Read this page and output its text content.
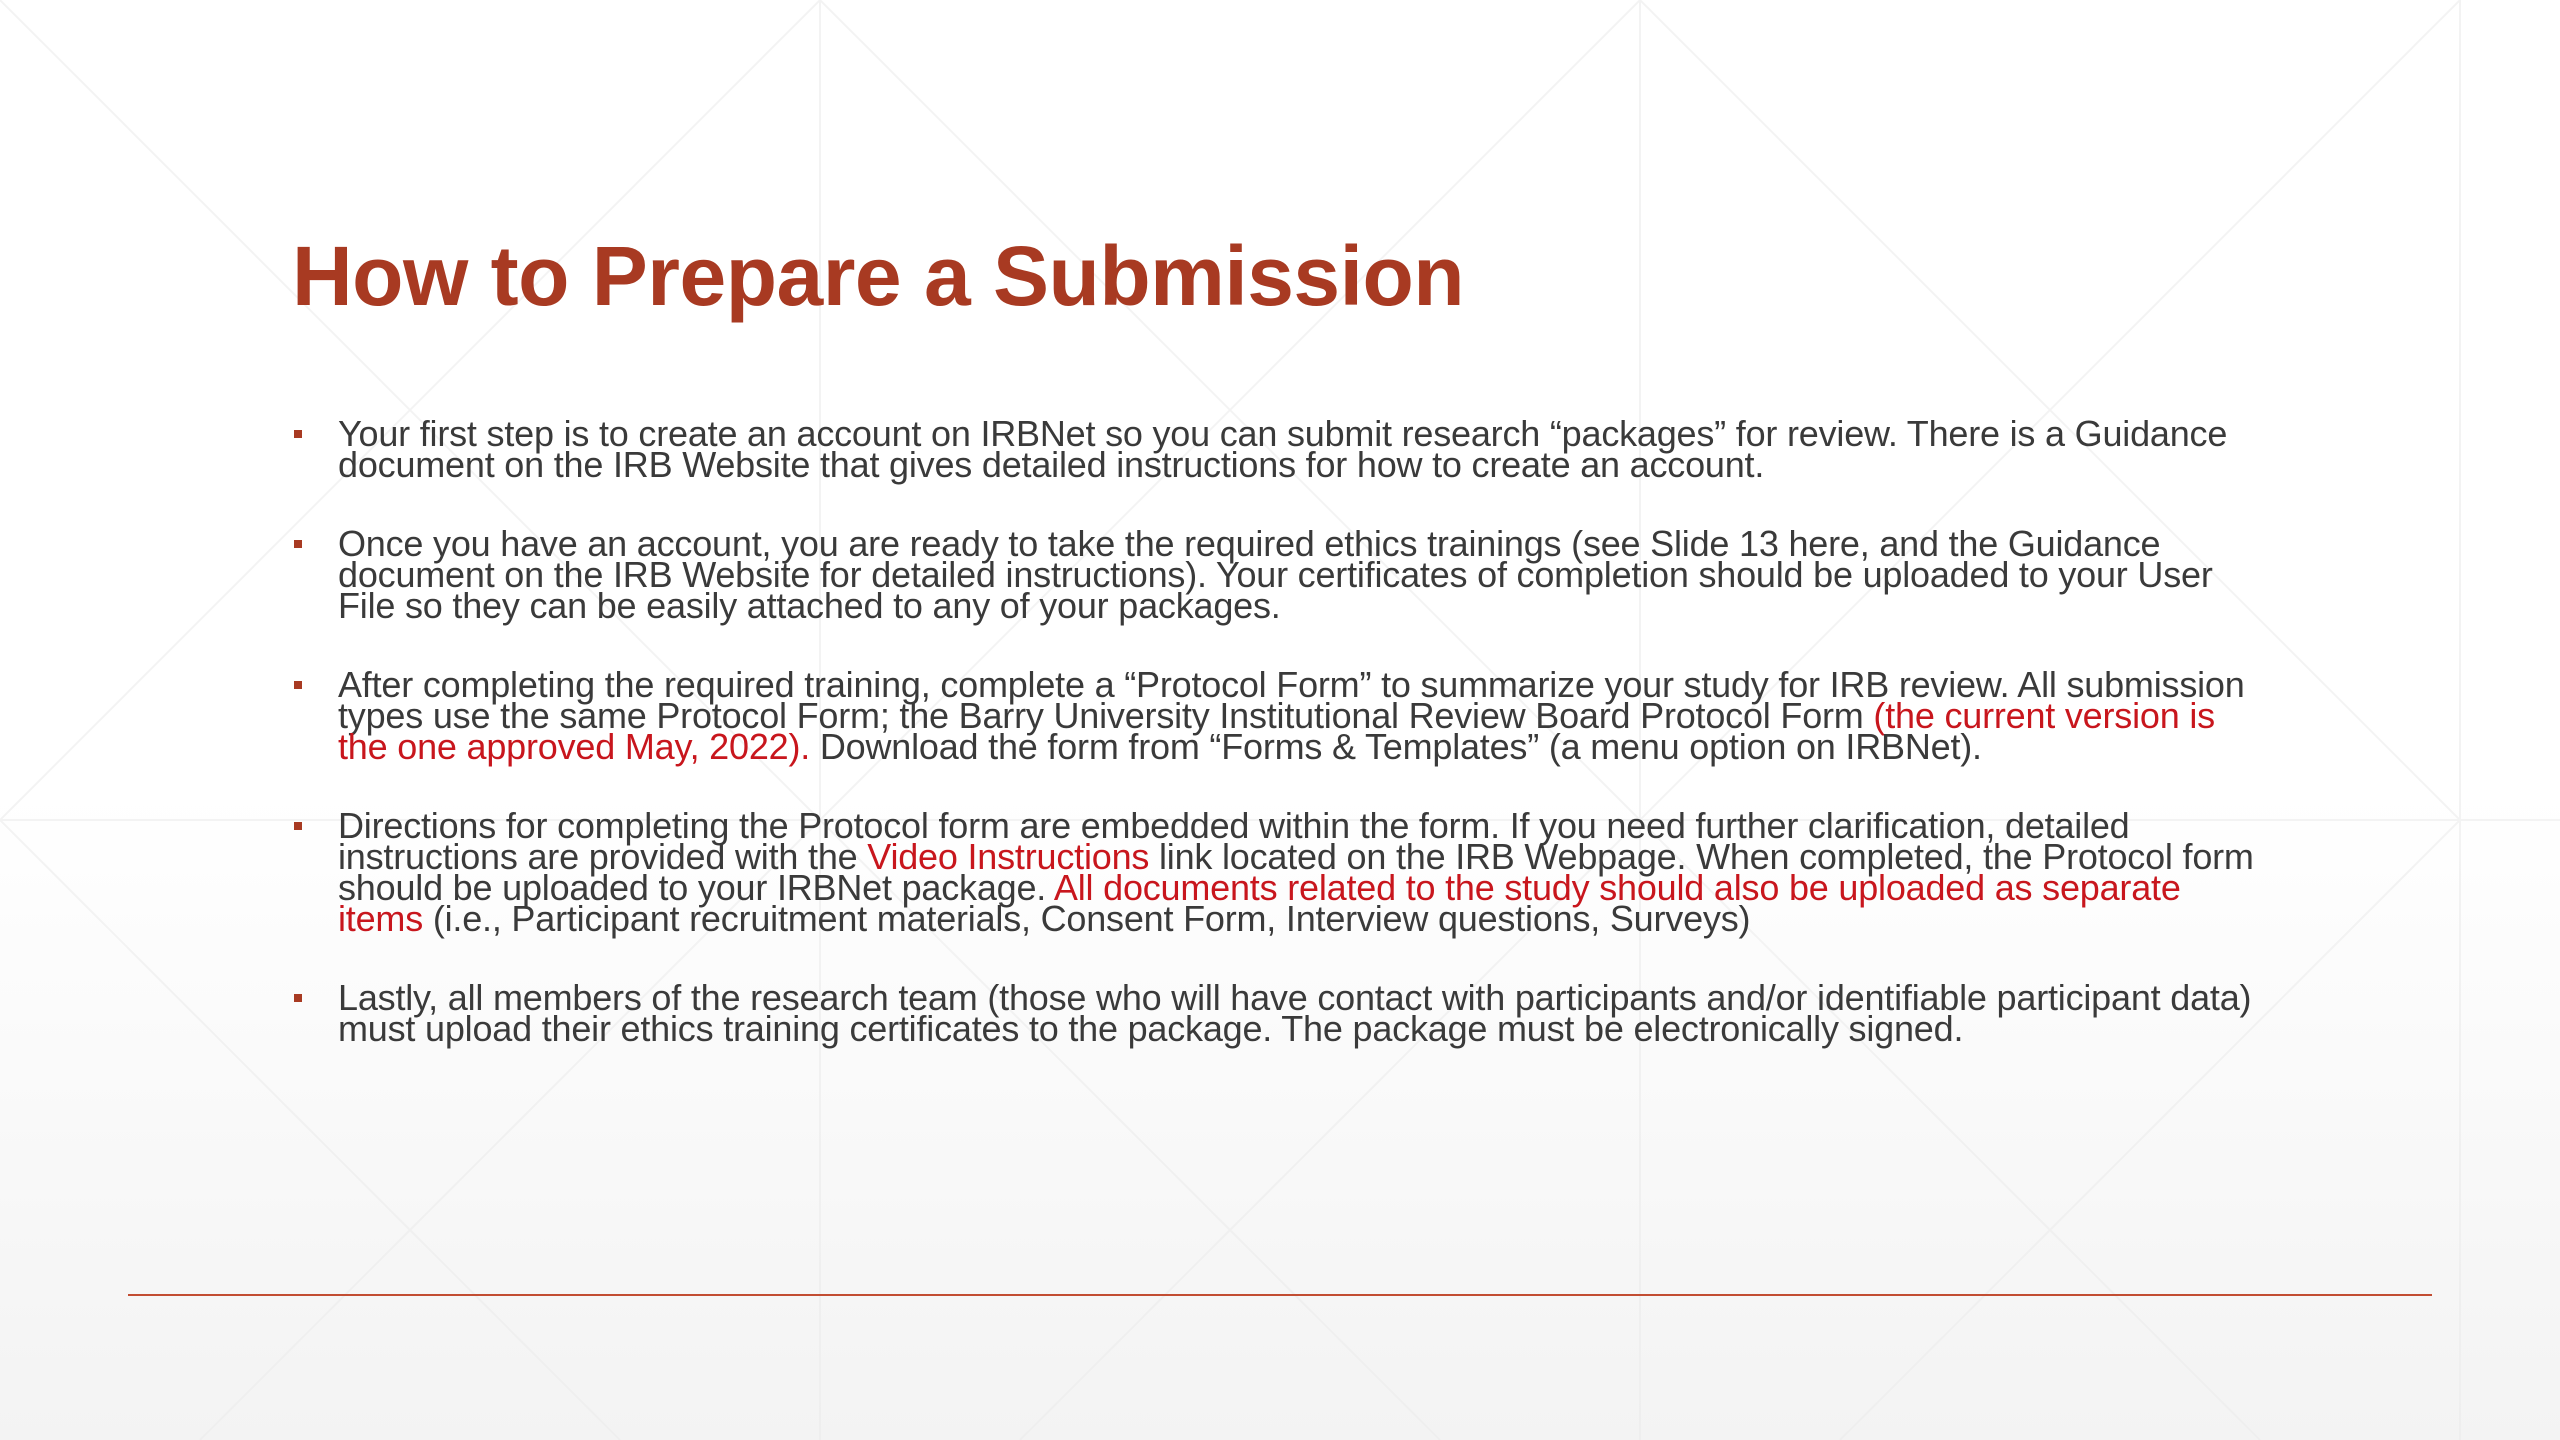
How to Prepare a Submission
Your first step is to create an account on IRBNet so you can submit research “packages” for review. There is a Guidance document on the IRB Website that gives detailed instructions for how to create an account.
Once you have an account, you are ready to take the required ethics trainings (see Slide 13 here, and the Guidance document on the IRB Website for detailed instructions). Your certificates of completion should be uploaded to your User File so they can be easily attached to any of your packages.
After completing the required training, complete a “Protocol Form” to summarize your study for IRB review. All submission types use the same Protocol Form; the Barry University Institutional Review Board Protocol Form (the current version is the one approved May, 2022). Download the form from “Forms & Templates” (a menu option on IRBNet).
Directions for completing the Protocol form are embedded within the form. If you need further clarification, detailed instructions are provided with the Video Instructions link located on the IRB Webpage. When completed, the Protocol form should be uploaded to your IRBNet package. All documents related to the study should also be uploaded as separate items (i.e., Participant recruitment materials, Consent Form, Interview questions, Surveys)
Lastly, all members of the research team (those who will have contact with participants and/or identifiable participant data) must upload their ethics training certificates to the package. The package must be electronically signed.
